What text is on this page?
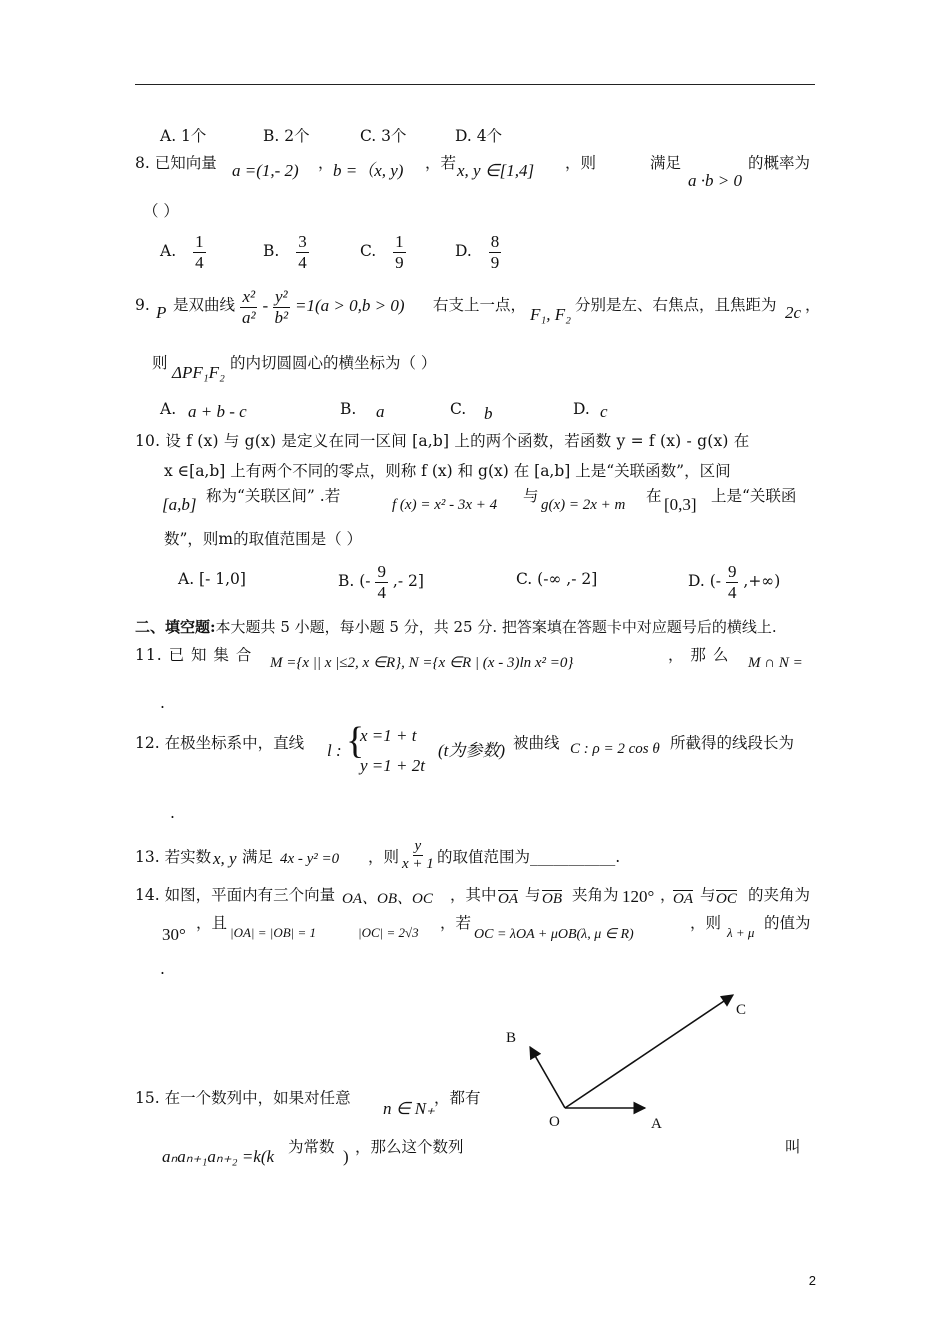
A. 1个	B. 2个	C. 3个	D. 4个
8. 已知向量 a =(1,- 2) ， b =（x, y) ，若 x, y ∈[1,4] ，则	满足
a ·b > 0
的概率为
（ ）
A. $\frac{1}{4}$	B. $\frac{3}{4}$	C. $\frac{1}{9}$	D. $\frac{8}{9}$
9. P 是双曲线 $\frac{\text{x²}}{\text{a²}} - \frac{\text{y²}}{\text{b²}} =1(a > 0,b > 0)$ 右支上一点， F₁, F₂ 分别是左、右焦点，且焦距为 2c ，
则 ΔPF₁F₂ 的内切圆圆心的横坐标为（ ）
A. a + b - c	B. a	C. b	D. c
10. 设 f (x) 与 g(x) 是定义在同一区间 [a,b] 上的两个函数，若函数 y = f (x) - g(x) 在
x ∈[a,b] 上有两个不同的零点，则称 f (x) 和 g(x) 在 [a,b] 上是“关联函数”，区间
[a,b] 称为“关联区间” .若	f (x) = x² - 3x + 4 与 g(x) = 2x + m 在 [0,3] 上是“关联函
数”，则m的取值范围是（ ）
A. [- 1,0]	B. (- $\frac{9}{4}$ ,- 2]	C. (-∞ ,- 2]	D. (- $\frac{9}{4}$ ,+∞)
二、填空题:本大题共 5 小题，每小题 5 分，共 25 分. 把答案填在答题卡中对应题号后的横线上.
11. 已 知 集 合 M ={x || x |≤2, x ∈R}, N ={x ∈R | (x - 3)ln x² =0}	， 那 么 M ∩ N =
.
12. 在极坐标系中，直线 l : {
x =1 + t
y =1 + 2t
(t为参数) 被曲线 C : ρ = 2 cos θ 所截得的线段长为
.
13. 若实数 x, y 满足 4x - y² =0 ，则 $\frac{y}{x + 1}$ 的取值范围为___________.
14. 如图，平面内有三个向量 OA、OB、OC ，其中 $\overline{OA}$ 与 $\overline{OB}$ 夹角为 120° ，
$\overline{OA}$ 与 $\overline{OC}$ 的夹角为
30°
，且
|OA| = |OB| = 1	|OC| = 2√3
，若
OC = λOA + μOB(λ, μ ∈ R)
，则
λ + μ
的值为
.
C
B
O	A
15. 在一个数列中，如果对任意
n ∈ N₊
，都有
aₙaₙ₊₁aₙ₊₂ =k(k 为常数 ) ，那么这个数列	叫
2
